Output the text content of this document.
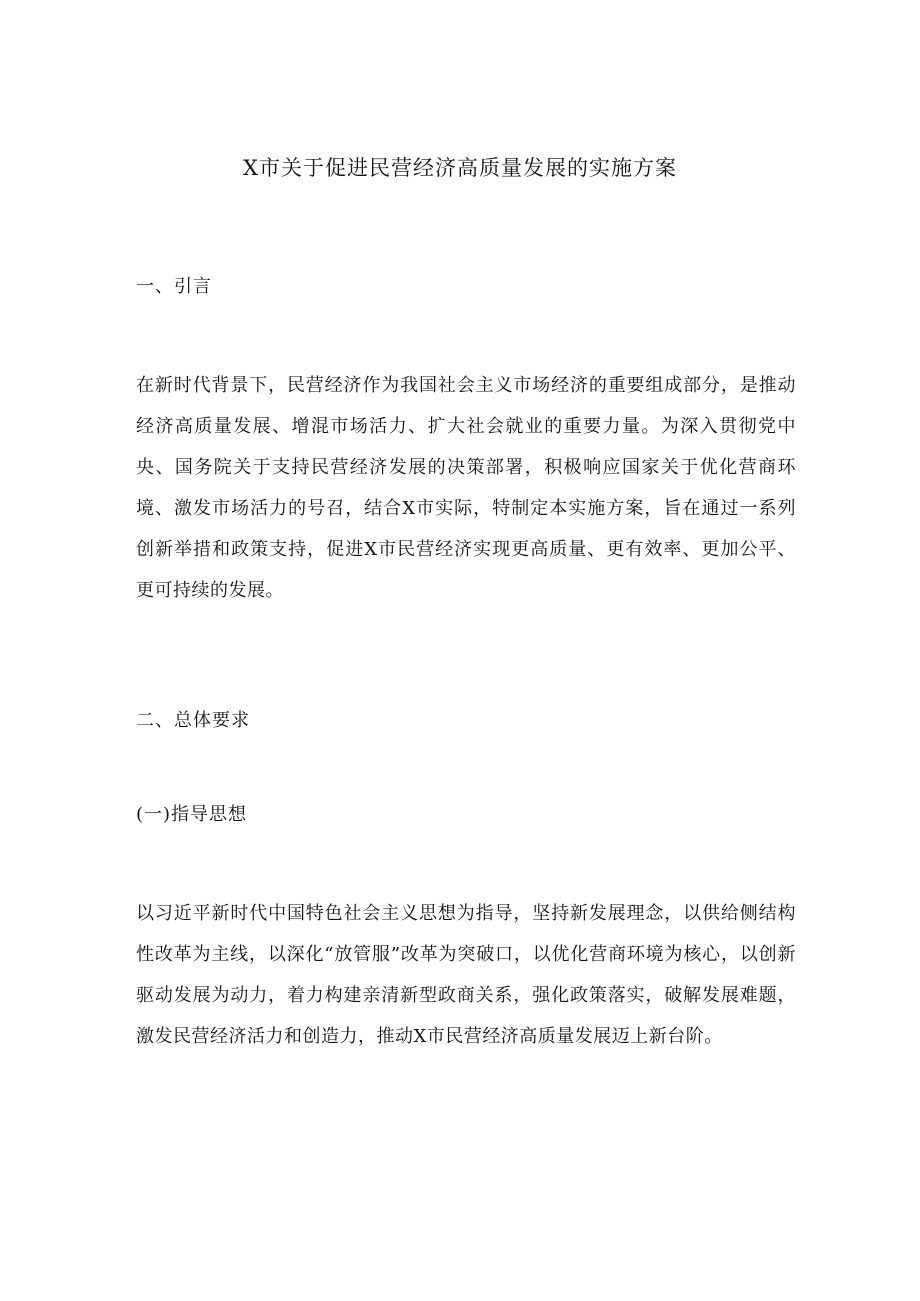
X市关于促进民营经济高质量发展的实施方案
一、引言

在新时代背景下，民营经济作为我国社会主义市场经济的重要组成部分，是推动经济高质量发展、增混市场活力、扩大社会就业的重要力量。为深入贯彻党中央、国务院关于支持民营经济发展的决策部署，积极响应国家关于优化营商环境、激发市场活力的号召，结合X市实际，特制定本实施方案，旨在通过一系列创新举措和政策支持，促进X市民营经济实现更高质量、更有效率、更加公平、更可持续的发展。

二、总体要求
(一)指导思想

以习近平新时代中国特色社会主义思想为指导，坚持新发展理念，以供给侧结构性改革为主线，以深化“放管服”改革为突破口，以优化营商环境为核心，以创新驱动发展为动力，着力构建亲清新型政商关系，强化政策落实，破解发展难题，激发民营经济活力和创造力，推动X市民营经济高质量发展迈上新台阶。
